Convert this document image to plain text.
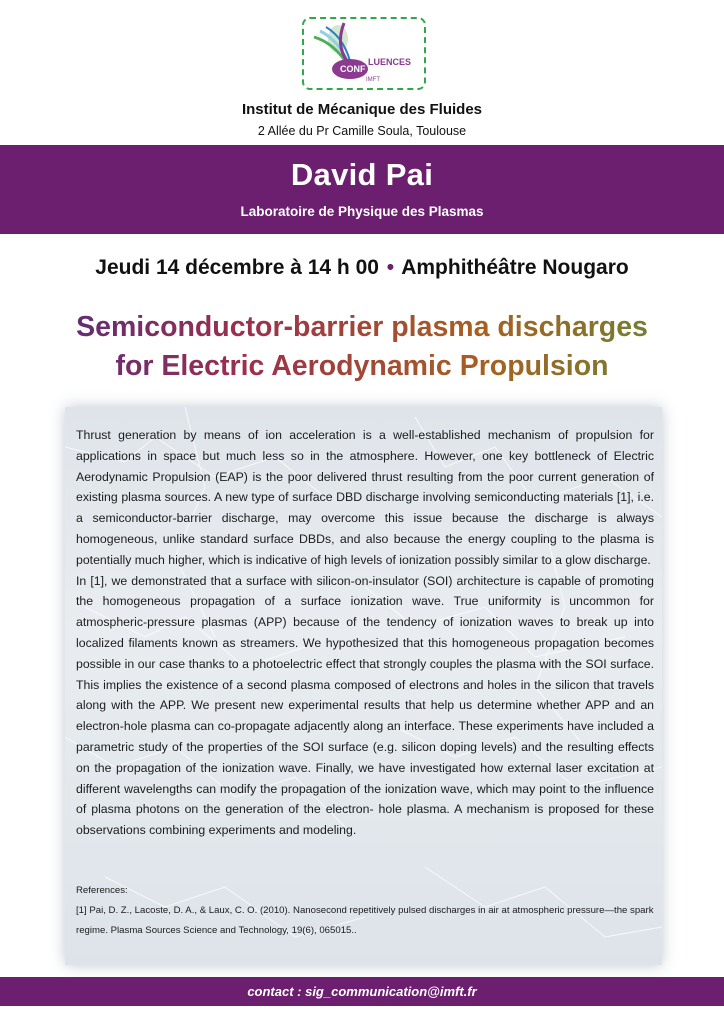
CONF
LUENCES
IMFT
Institut de Mécanique des Fluides
2 Allée du Pr Camille Soula, Toulouse
David Pai
Laboratoire de Physique des Plasmas
Jeudi 14 décembre à 14 h 00 • Amphithéâtre Nougaro
Semiconductor-barrier plasma discharges
for Electric Aerodynamic Propulsion

Thrust generation by means of ion acceleration is a well-established mechanism of propulsion for applications in space but much less so in the atmosphere. However, one key bottleneck of Electric Aerodynamic Propulsion (EAP) is the poor delivered thrust resulting from the poor current generation of existing plasma sources. A new type of surface DBD discharge involving semiconducting materials [1], i.e. a semiconductor-barrier discharge, may overcome this issue because the discharge is always homogeneous, unlike standard surface DBDs, and also because the energy coupling to the plasma is potentially much higher, which is indicative of high levels of ionization possibly similar to a glow discharge.

In [1], we demonstrated that a surface with silicon-on-insulator (SOI) architecture is capable of promoting the homogeneous propagation of a surface ionization wave. True uniformity is uncommon for atmospheric-pressure plasmas (APP) because of the tendency of ionization waves to break up into localized filaments known as streamers. We hypothesized that this homogeneous propagation becomes possible in our case thanks to a photoelectric effect that strongly couples the plasma with the SOI surface. This implies the existence of a second plasma composed of electrons and holes in the silicon that travels along with the APP. We present new experimental results that help us determine whether APP and an electron-hole plasma can co-propagate adjacently along an interface. These experiments have included a parametric study of the properties of the SOI surface (e.g. silicon doping levels) and the resulting effects on the propagation of the ionization wave. Finally, we have investigated how external laser excitation at different wavelengths can modify the propagation of the ionization wave, which may point to the influence of plasma photons on the generation of the electron- hole plasma. A mechanism is proposed for these observations combining experiments and modeling.

References:

[1] Pai, D. Z., Lacoste, D. A., & Laux, C. O. (2010). Nanosecond repetitively pulsed discharges in air at atmospheric pressure—the spark regime. Plasma Sources Science and Technology, 19(6), 065015..

contact : sig_communication@imft.fr
